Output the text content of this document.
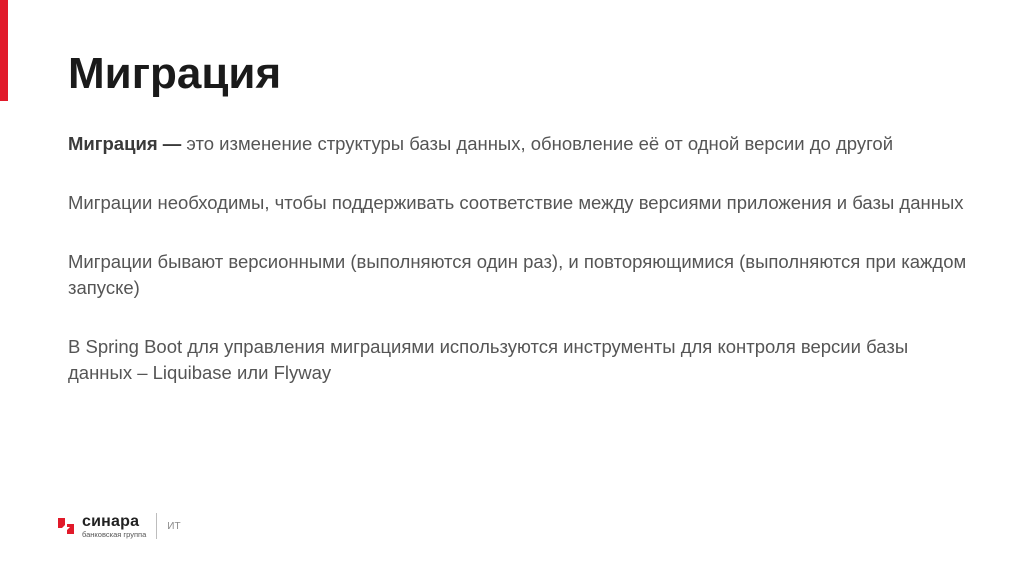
Миграция

Миграция — это изменение структуры базы данных, обновление её от одной версии до другой

Миграции необходимы, чтобы поддерживать соответствие между версиями приложения и базы данных

Миграции бывают версионными (выполняются один раз), и повторяющимися (выполняются при каждом запуске)

В Spring Boot для управления миграциями используются инструменты для контроля версии базы данных – Liquibase или Flyway

синара
банковская группа
ИТ
